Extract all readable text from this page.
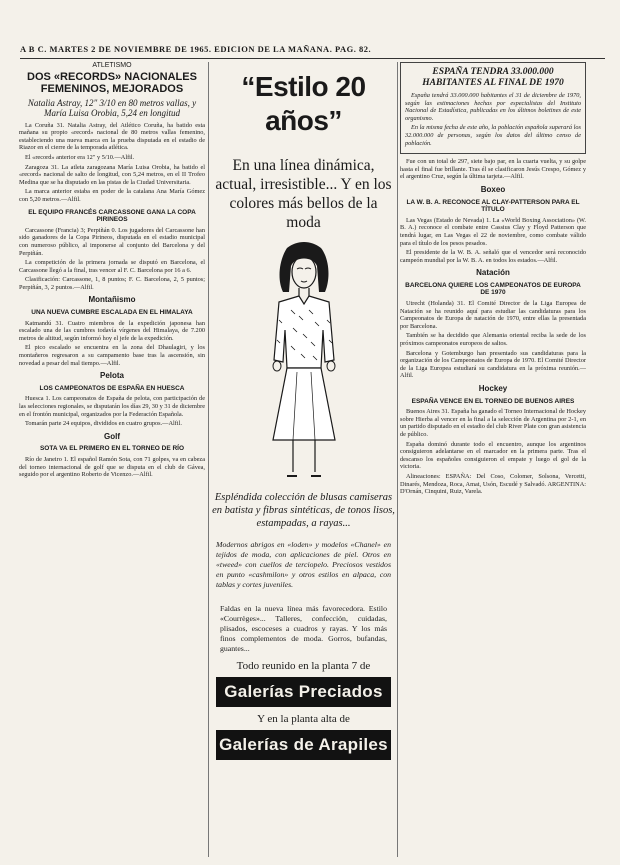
A B C. MARTES 2 DE NOVIEMBRE DE 1965. EDICION DE LA MAÑANA. PAG. 82.
ATLETISMO
DOS «RECORDS» NACIONALES FEMENINOS, MEJORADOS
Natalia Astray, 12" 3/10 en 80 metros vallas, y María Luisa Orobia, 5,24 en longitud

La Coruña 31. Natalia Astray, del Atlético Coruña, ha batido esta mañana su propio «record» nacional de 80 metros vallas femenino, estableciendo una nueva marca en la prueba disputada en el estadio de Riazor en el cierre de la temporada atlética.

El «record» anterior era 12" y 5/10.—Alfil.

Zaragoza 31. La atleta zaragozana María Luisa Orobia, ha batido el «record» nacional de salto de longitud, con 5,24 metros, en el II Trofeo Medina que se ha disputado en las pistas de la Ciudad Universitaria.

La marca anterior estaba en poder de la catalana Ana María Gómez con 5,20 metros.—Alfil.

EL EQUIPO FRANCÉS CARCASSONE GANA LA COPA PIRINEOS

Carcassone (Francia) 3; Perpiñán 0. Los jugadores del Carcassone han sido ganadores de la Copa Pirineos, disputada en el estadio municipal con numeroso público, al imponerse al conjunto del Barcelona y del Perpiñán.

La competición de la primera jornada se disputó en Barcelona, el Carcassone llegó a la final, tras vencer al F. C. Barcelona por 16 a 6.

Clasificación: Carcassone, 1, 8 puntos; F. C. Barcelona, 2, 5 puntos; Perpiñán, 3, 2 puntos.—Alfil.

Montañismo
UNA NUEVA CUMBRE ESCALADA EN EL HIMALAYA

Katmandú 31. Cuatro miembros de la expedición japonesa han escalado una de las cumbres todavía vírgenes del Himalaya, de 7.200 metros de altitud, según informó hoy el jefe de la expedición.

El pico escalado se encuentra en la zona del Dhaulagiri, y los montañeros regresaron a su campamento base tras la ascensión, sin novedad a pesar del mal tiempo.—Alfil.

Pelota
LOS CAMPEONATOS DE ESPAÑA EN HUESCA

Huesca 1. Los campeonatos de España de pelota, con participación de las selecciones regionales, se disputarán los días 29, 30 y 31 de diciembre en el frontón municipal, organizados por la Federación Española.

Tomarán parte 24 equipos, divididos en cuatro grupos.—Alfil.

Golf
SOTA VA EL PRIMERO EN EL TORNEO DE RÍO

Río de Janeiro 1. El español Ramón Sota, con 71 golpes, va en cabeza del torneo internacional de golf que se disputa en el club de Gávea, seguido por el argentino Roberto de Vicenzo.—Alfil.

“Estilo 20 años”
En una línea dinámica, actual, irresistible... Y en los colores más bellos de la moda
Espléndida colección de blusas camiseras en batista y fibras sintéticas, de tonos lisos, estampadas, a rayas...
Modernos abrigos en «loden» y modelos «Chanel» en tejidos de moda, con aplicaciones de piel. Otros en «tweed» con cuellos de terciopelo. Preciosos vestidos en punto «cashmilon» y otros estilos en alpaca, con tablas y cortes juveniles.
Faldas en la nueva línea más favorecedora. Estilo «Courrèges»... Talleres, confección, cuidadas, plisados, escoceses a cuadros y rayas. Y los más finos complementos de moda. Gorros, bufandas, guantes...
Todo reunido en la planta 7 de
Galerías Preciados
Y en la planta alta de
Galerías de Arapiles
ESPAÑA TENDRA 33.000.000 HABITANTES AL FINAL DE 1970

España tendrá 33.000.000 habitantes el 31 de diciembre de 1970, según las estimaciones hechas por especialistas del Instituto Nacional de Estadística, publicadas en los últimos boletines de este organismo.

En la misma fecha de este año, la población española superará los 32.000.000 de personas, según los datos del último censo de población.

Fue con un total de 297, siete bajo par, en la cuarta vuelta, y su golpe hasta el final fue brillante. Tras él se clasificaron Jesús Crespo, Gómez y el argentino Cruz, según la última tarjeta.—Alfil.

Boxeo
LA W. B. A. RECONOCE AL CLAY-PATTERSON PARA EL TÍTULO

Las Vegas (Estado de Nevada) 1. La «World Boxing Association» (W. B. A.) reconoce el combate entre Cassius Clay y Floyd Patterson que tendrá lugar, en Las Vegas el 22 de noviembre, como combate válido para el título de los pesos pesados.

El presidente de la W. B. A. señaló que el vencedor será reconocido campeón mundial por la W. B. A. en todos los estados.—Alfil.

Natación
BARCELONA QUIERE LOS CAMPEONATOS DE EUROPA DE 1970

Utrecht (Holanda) 31. El Comité Director de la Liga Europea de Natación se ha reunido aquí para estudiar las candidaturas para los Campeonatos de Europa de natación de 1970, entre ellas la presentada por Barcelona.

También se ha decidido que Alemania oriental reciba la sede de los próximos campeonatos europeos de saltos.

Barcelona y Gotemburgo han presentado sus candidaturas para la organización de los Campeonatos de Europa de 1970. El Comité Director de la Liga Europea estudiará su candidatura en la próxima reunión.—Alfil.

Hockey
ESPAÑA VENCE EN EL TORNEO DE BUENOS AIRES

Buenos Aires 31. España ha ganado el Torneo Internacional de Hockey sobre Hierba al vencer en la final a la selección de Argentina por 2-1, en un partido disputado en el estadio del club River Plate con gran asistencia de público.

España dominó durante todo el encuentro, aunque los argentinos consiguieron adelantarse en el marcador en la primera parte. Tras el descanso los españoles consiguieron el empate y luego el gol de la victoria.

Alineaciones: ESPAÑA: Del Coso, Colomer, Solsona, Vercetti, Dinarés, Mendoza, Roca, Amat, Usón, Escudé y Salvadó. ARGENTINA: D'Ornán, Cinquini, Ruiz, Varela.
